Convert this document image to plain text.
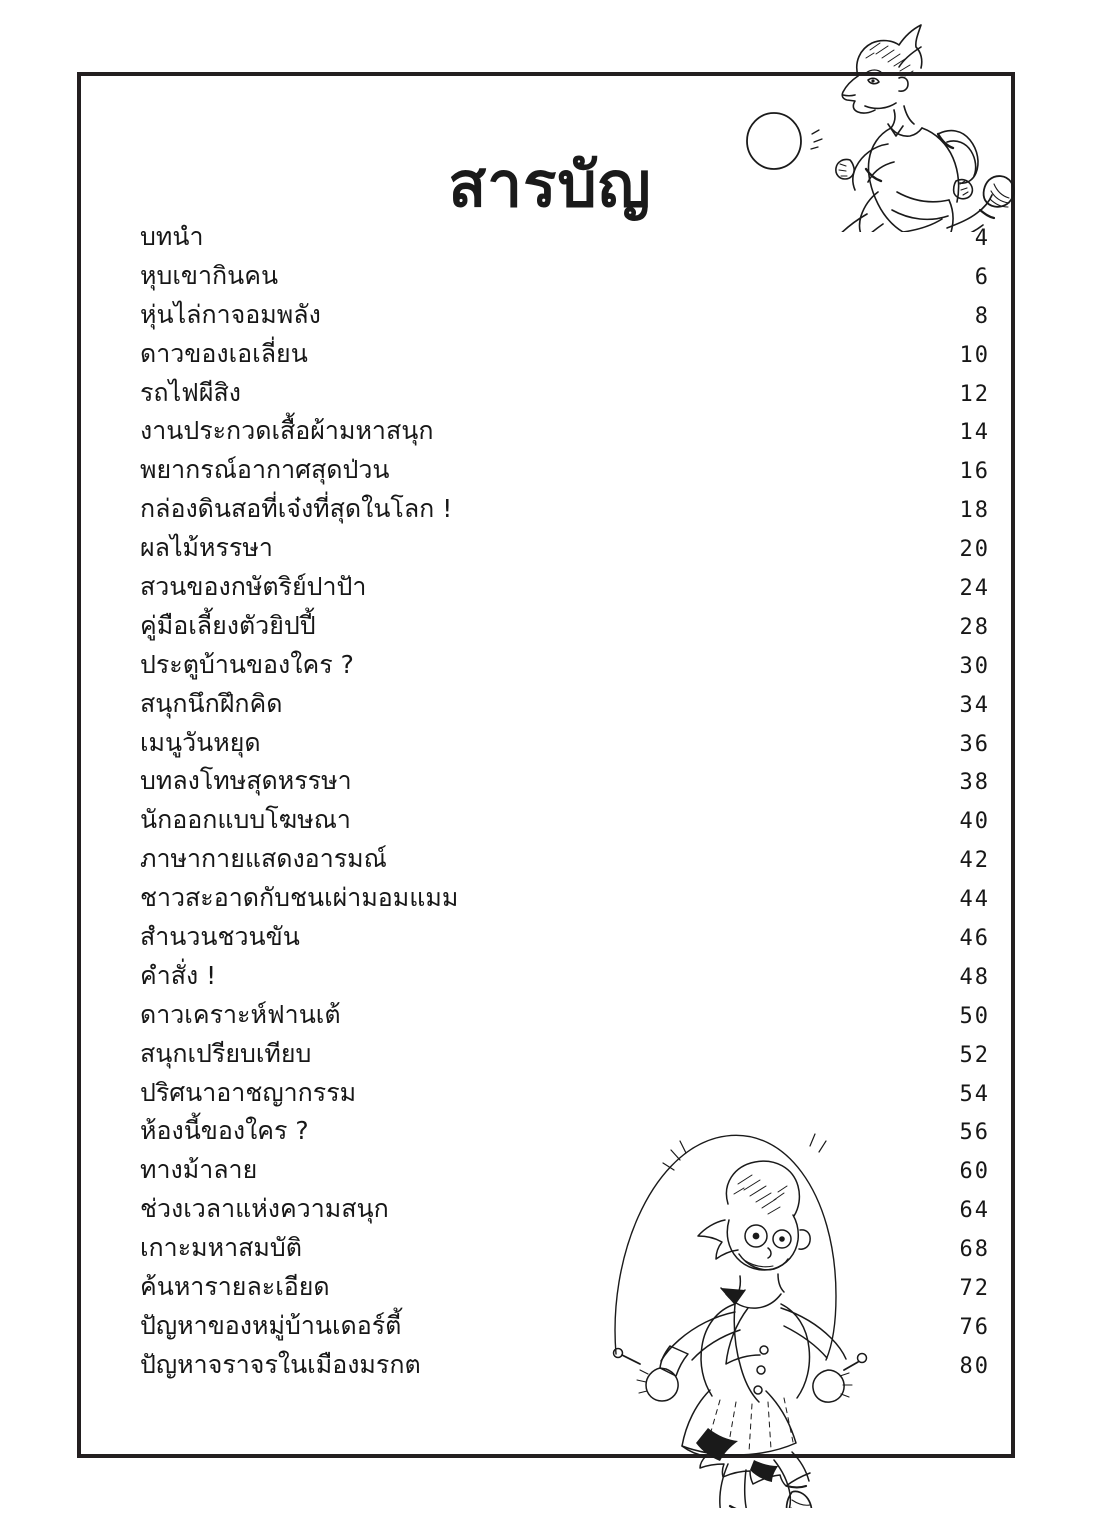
สารบัญ
บทนำ	4
หุบเขากินคน	6
หุ่นไล่กาจอมพลัง	8
ดาวของเอเลี่ยน	10
รถไฟผีสิง	12
งานประกวดเสื้อผ้ามหาสนุก	14
พยากรณ์อากาศสุดป่วน	16
กล่องดินสอที่เจ๋งที่สุดในโลก !	18
ผลไม้หรรษา	20
สวนของกษัตริย์ปาปัา	24
คู่มือเลี้ยงตัวยิปปี้	28
ประตูบ้านของใคร ?	30
สนุกนึกฝึกคิด	34
เมนูวันหยุด	36
บทลงโทษสุดหรรษา	38
นักออกแบบโฆษณา	40
ภาษากายแสดงอารมณ์	42
ชาวสะอาดกับชนเผ่ามอมแมม	44
สำนวนชวนขัน	46
คำสั่ง !	48
ดาวเคราะห์ฟานเต้	50
สนุกเปรียบเทียบ	52
ปริศนาอาชญากรรม	54
ห้องนี้ของใคร ?	56
ทางม้าลาย	60
ช่วงเวลาแห่งความสนุก	64
เกาะมหาสมบัติ	68
ค้นหารายละเอียด	72
ปัญหาของหมู่บ้านเดอร์ตี้	76
ปัญหาจราจรในเมืองมรกต	80
